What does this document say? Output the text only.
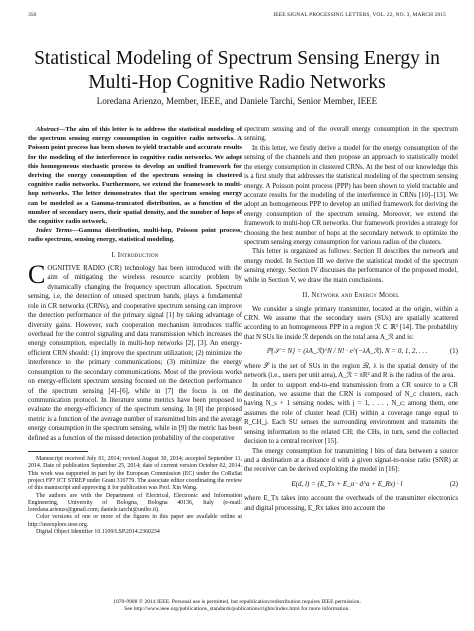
356	IEEE SIGNAL PROCESSING LETTERS, VOL. 22, NO. 3, MARCH 2015
Statistical Modeling of Spectrum Sensing Energy in
Multi-Hop Cognitive Radio Networks
Loredana Arienzo, Member, IEEE, and Daniele Tarchi, Senior Member, IEEE

Abstract—The aim of this letter is to address the statistical modeling of the spectrum sensing energy consumption in cognitive radio networks. A Poisson point process has been shown to yield tractable and accurate results for the modeling of the interference in cognitive radio networks. We adopt this homogeneous stochastic process to develop an unified framework for deriving the energy consumption of the spectrum sensing in clustered cognitive radio networks. Furthermore, we extend the framework to multi-hop networks. The letter demonstrates that the spectrum sensing energy can be modeled as a Gamma-truncated distribution, as a function of the number of secondary users, their spatial density, and the number of hops of the cognitive radio network.

Index Terms—Gamma distribution, multi-hop, Poisson point process, radio spectrum, sensing energy, statistical modeling.

I. Introduction

COGNITIVE RADIO (CR) technology has been introduced with the aim of mitigating the wireless resource scarcity problem by dynamically changing the frequency spectrum allocation. Spectrum sensing, i.e, the detection of unused spectrum bands, plays a fundamental role in CR networks (CRNs), and cooperative spectrum sensing can improve the detection performance of the primary signal [1] by taking advantage of diversity gains. However, such cooperation mechanism introduces traffic overhead for the control signaling and data transmission which increases the energy consumption, especially in multi-hop networks [2], [3]. An energy-efficient CRN should: (1) improve the spectrum utilization; (2) minimize the interference to the primary communications; (3) minimize the energy consumption to the secondary communications. Most of the previous works on energy-efficient spectrum sensing focused on the detection performance of the spectrum sensing [4]–[6], while in [7] the focus is on the communication protocol. In literature some metrics have been proposed to evaluate the energy-efficiency of the spectrum sensing. In [8] the proposed metric is a function of the average number of transmitted bits and the average energy consumption in the spectrum sensing, while in [9] the metric has been defined as a function of the missed detection probability of the cooperative

Manuscript received July 01, 2014; revised August 30, 2014; accepted September 11, 2014. Date of publication September 25, 2014; date of current version October 02, 2014. This work was supported in part by the European Commission (EC) under the CoRaSat project FP7 ICT STREP under Grant 316779. The associate editor coordinating the review of this manuscript and approving it for publication was Prof. Xin Wang.

The authors are with the Department of Electrical, Electronic and Information Engineering, University of Bologna, Bologna 40136, Italy (e-mail: loredana.arienzo@gmail.com; daniele.tarchi@unibo.it).

Color versions of one or more of the figures in this paper are available online at http://ieeexplore.ieee.org.

Digital Object Identifier 10.1109/LSP.2014.2360234

spectrum sensing and of the overall energy consumption in the spectrum sensing.

In this letter, we firstly derive a model for the energy consumption of the sensing of the channels and then propose an approach to statistically model the energy consumption in clustered CRNs. At the best of our knowledge this is a first study that addresses the statistical modeling of the spectrum sensing energy. A Poisson point process (PPP) has been shown to yield tractable and accurate results for the modeling of the interference in CRNs [10]–[13]. We adopt an homogeneous PPP to develop an unified framework for deriving the energy consumption of the spectrum sensing. Moreover, we extend the framework to multi-hop CR networks. Our framework provides a strategy for choosing the best number of hops at the secondary network to optimize the spectrum sensing energy consumption for various radius of the clusters.

This letter is organized as follows: Section II describes the network and energy model. In Section III we derive the statistical model of the spectrum sensing energy. Section IV discusses the performance of the proposed model, while in Section V, we draw the main conclusions.

II. Network and Energy Model

We consider a single primary transmitter, located at the origin, within a CRN. We assume that the secondary users (SUs) are spatially scattered according to an homogeneous PPP in a region ℛ ⊂ ℝ² [14]. The probability that N SUs lie inside ℛ depends on the total area A_ℛ and is:

ℙ{𝒮 = N} = (λA_ℛ)^N / N! · e^(−λA_ℛ), N = 0, 1, 2, . . .	(1)

where 𝒮 is the set of SUs in the region ℛ, λ is the spatial density of the network (i.e., users per unit area), A_ℛ = πR² and R is the radius of the area.

In order to support end-to-end transmission from a CR source to a CR destination, we assume that the CRN is composed of N_c clusters, each having N_s + 1 sensing nodes, with j = 1, . . . , N_c; among them, one assumes the role of cluster head (CH) within a coverage range equal to R_CH_j. Each SU senses the surrounding environment and transmits the sensing information to the related CH; the CHs, in turn, send the collected decision to a central receiver [15].

The energy consumption for transmitting l bits of data between a source and a destination at a distance d with a given signal-to-noise ratio (SNR) at the receiver can be derived exploiting the model in [16]:

E(d, l) = (E_Tx + E_α · d^a + E_Rx) · l	(2)

where E_Tx takes into account the overheads of the transmitter electronics and digital processing, E_Rx takes into account the

1070-9908 © 2014 IEEE. Personal use is permitted, but republication/redistribution requires IEEE permission.
See http://www.ieee.org/publications_standards/publications/rights/index.html for more information.
